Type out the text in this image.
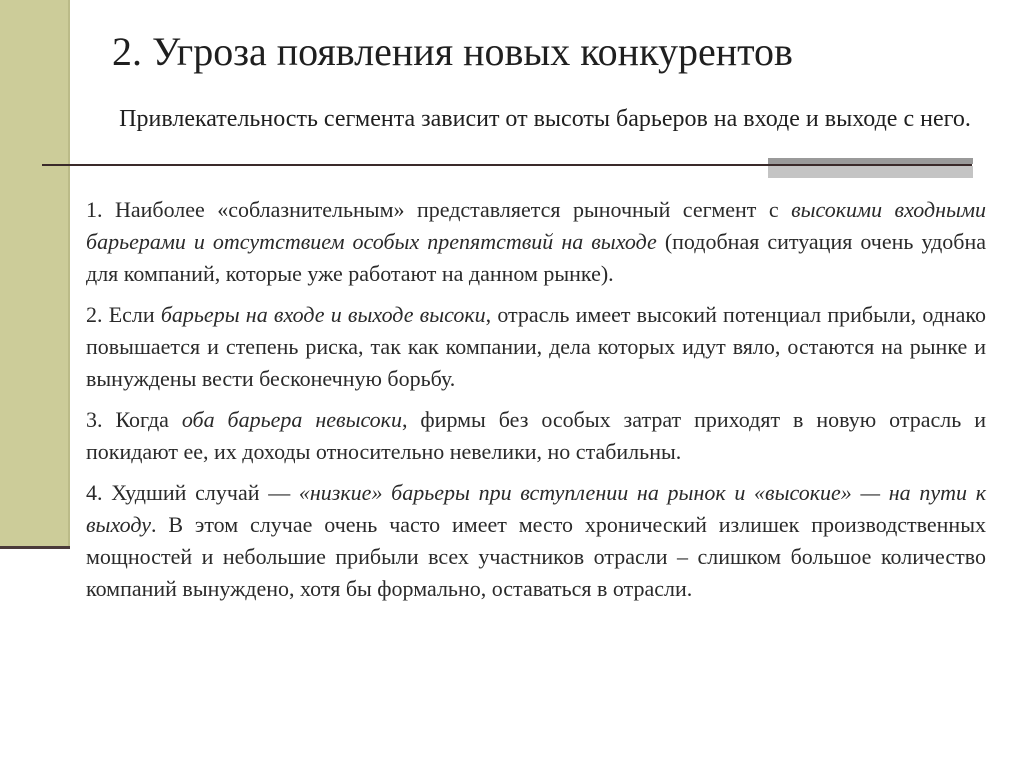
2. Угроза появления новых конкурентов
Привлекательность сегмента зависит от высоты барьеров на входе и выходе с него.

1. Наиболее «соблазнительным» представляется рыночный сегмент с высокими входными барьерами и отсутствием особых препятствий на выходе (подобная ситуация очень удобна для компаний, которые уже работают на данном рынке).

2. Если барьеры на входе и выходе высоки, отрасль имеет высокий потенциал прибыли, однако повышается и степень риска, так как компании, дела которых идут вяло, остаются на рынке и вынуждены вести бесконечную борьбу.

3. Когда оба барьера невысоки, фирмы без особых затрат приходят в новую отрасль и покидают ее, их доходы относительно невелики, но стабильны.

4. Худший случай — «низкие» барьеры при вступлении на рынок и «высокие» — на пути к выходу. В этом случае очень часто имеет место хронический излишек производственных мощностей и небольшие прибыли всех участников отрасли – слишком большое количество компаний вынуждено, хотя бы формально, оставаться в отрасли.
